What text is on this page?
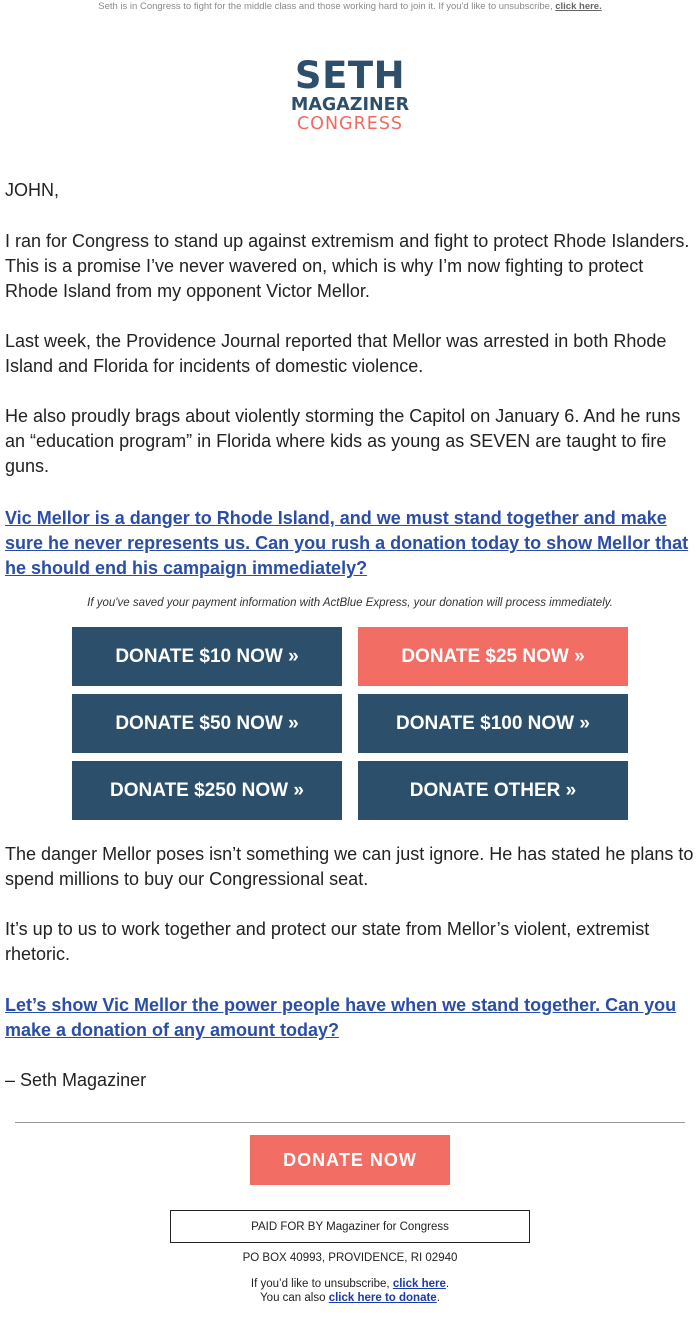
Seth is in Congress to fight for the middle class and those working hard to join it. If you'd like to unsubscribe, click here.
SETH
MAGAZINER
CONGRESS

JOHN,

I ran for Congress to stand up against extremism and fight to protect Rhode Islanders. This is a promise I’ve never wavered on, which is why I’m now fighting to protect Rhode Island from my opponent Victor Mellor.

Last week, the Providence Journal reported that Mellor was arrested in both Rhode Island and Florida for incidents of domestic violence.

He also proudly brags about violently storming the Capitol on January 6. And he runs an “education program” in Florida where kids as young as SEVEN are taught to fire guns.

Vic Mellor is a danger to Rhode Island, and we must stand together and make sure he never represents us. Can you rush a donation today to show Mellor that he should end his campaign immediately?

If you've saved your payment information with ActBlue Express, your donation will process immediately.
DONATE $10 NOW »	DONATE $25 NOW »
DONATE $50 NOW »	DONATE $100 NOW »
DONATE $250 NOW »	DONATE OTHER »

The danger Mellor poses isn’t something we can just ignore. He has stated he plans to spend millions to buy our Congressional seat.

It’s up to us to work together and protect our state from Mellor’s violent, extremist rhetoric.

Let’s show Vic Mellor the power people have when we stand together. Can you make a donation of any amount today?

– Seth Magaziner

DONATE NOW
PAID FOR BY Magaziner for Congress
PO BOX 40993, PROVIDENCE, RI 02940
If you’d like to unsubscribe, click here.
You can also click here to donate.
